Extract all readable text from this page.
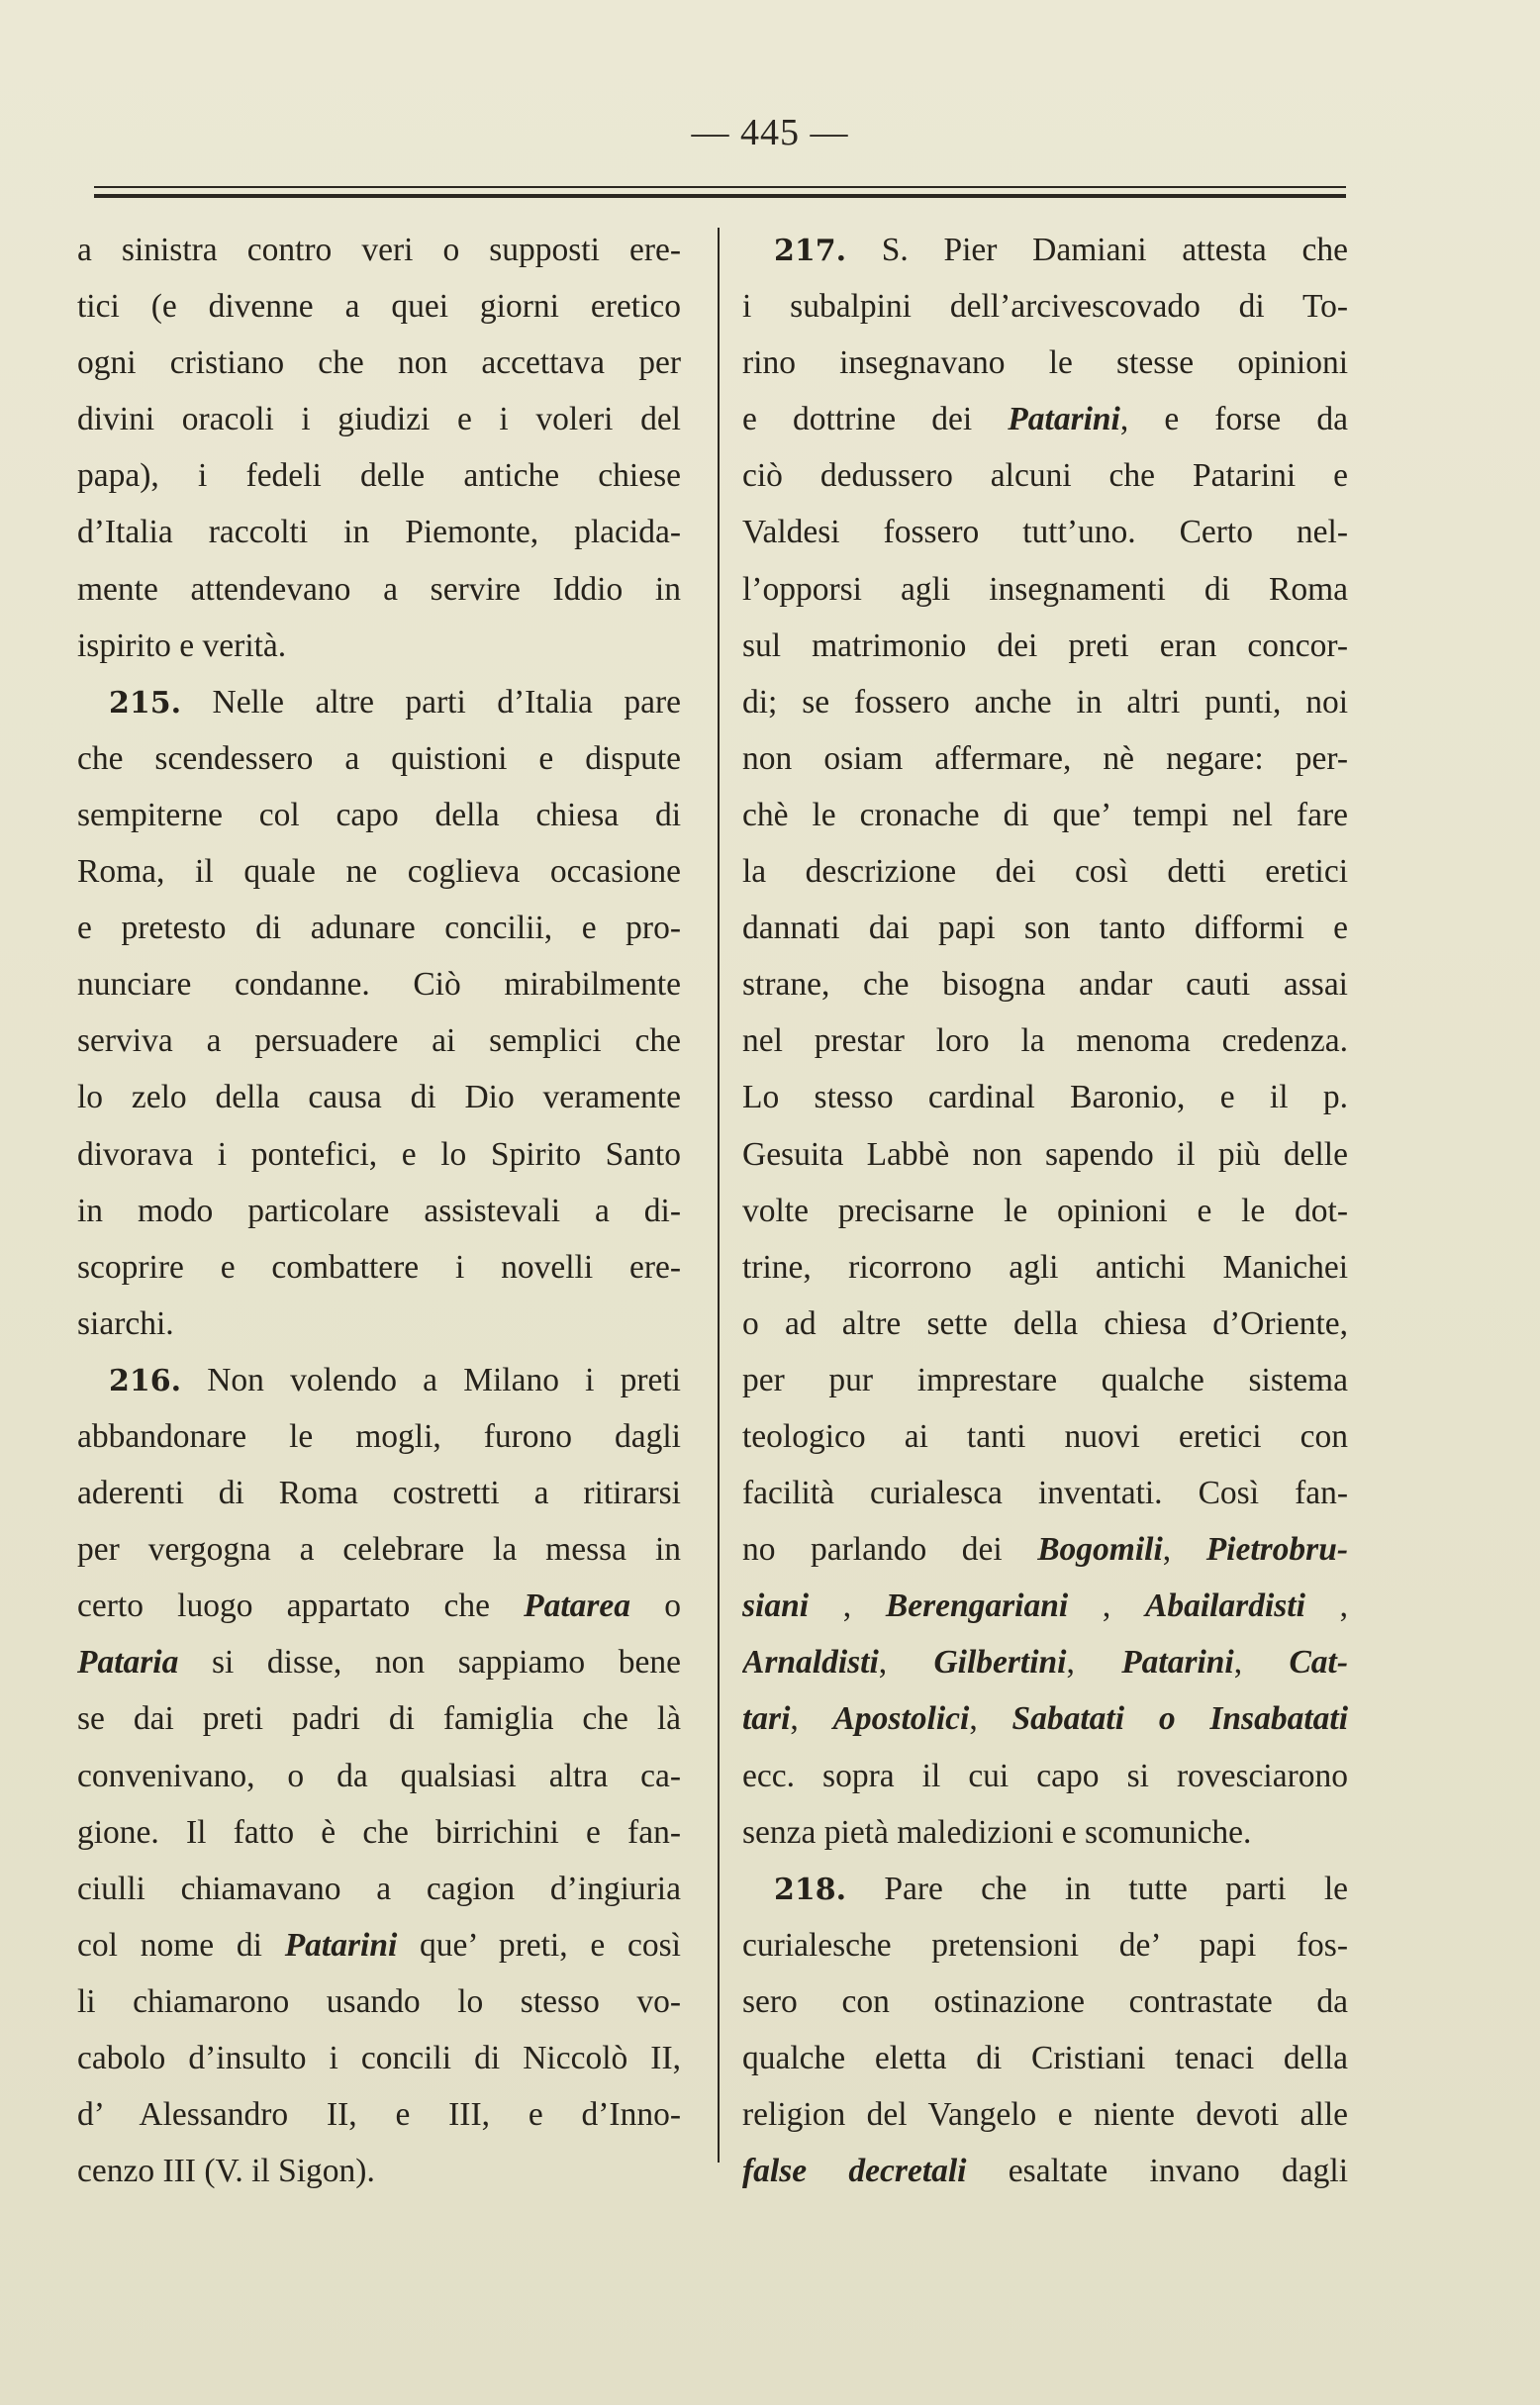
— 445 —
a sinistra contro veri o supposti ere-
tici (e divenne a quei giorni eretico
ogni cristiano che non accettava per
divini oracoli i giudizi e i voleri del
papa), i fedeli delle antiche chiese
d’Italia raccolti in Piemonte, placida-
mente attendevano a servire Iddio in
ispirito e verità.
215. Nelle altre parti d’Italia pare
che scendessero a quistioni e dispute
sempiterne col capo della chiesa di
Roma, il quale ne coglieva occasione
e pretesto di adunare concilii, e pro-
nunciare condanne. Ciò mirabilmente
serviva a persuadere ai semplici che
lo zelo della causa di Dio veramente
divorava i pontefici, e lo Spirito Santo
in modo particolare assistevali a di-
scoprire e combattere i novelli ere-
siarchi.
216. Non volendo a Milano i preti
abbandonare le mogli, furono dagli
aderenti di Roma costretti a ritirarsi
per vergogna a celebrare la messa in
certo luogo appartato che Patarea o
Pataria si disse, non sappiamo bene
se dai preti padri di famiglia che là
convenivano, o da qualsiasi altra ca-
gione. Il fatto è che birrichini e fan-
ciulli chiamavano a cagion d’ingiuria
col nome di Patarini que’ preti, e così
li chiamarono usando lo stesso vo-
cabolo d’insulto i concili di Niccolò II,
d’ Alessandro II, e III, e d’Inno-
cenzo III (V. il Sigon).
217. S. Pier Damiani attesta che
i subalpini dell’arcivescovado di To-
rino insegnavano le stesse opinioni
e dottrine dei Patarini, e forse da
ciò dedussero alcuni che Patarini e
Valdesi fossero tutt’uno. Certo nel-
l’opporsi agli insegnamenti di Roma
sul matrimonio dei preti eran concor-
di; se fossero anche in altri punti, noi
non osiam affermare, nè negare: per-
chè le cronache di que’ tempi nel fare
la descrizione dei così detti eretici
dannati dai papi son tanto difformi e
strane, che bisogna andar cauti assai
nel prestar loro la menoma credenza.
Lo stesso cardinal Baronio, e il p.
Gesuita Labbè non sapendo il più delle
volte precisarne le opinioni e le dot-
trine, ricorrono agli antichi Manichei
o ad altre sette della chiesa d’Oriente,
per pur imprestare qualche sistema
teologico ai tanti nuovi eretici con
facilità curialesca inventati. Così fan-
no parlando dei Bogomili, Pietrobru-
siani , Berengariani , Abailardisti ,
Arnaldisti, Gilbertini, Patarini, Cat-
tari, Apostolici, Sabatati o Insabatati
ecc. sopra il cui capo si rovesciarono
senza pietà maledizioni e scomuniche.
218. Pare che in tutte parti le
curialesche pretensioni de’ papi fos-
sero con ostinazione contrastate da
qualche eletta di Cristiani tenaci della
religion del Vangelo e niente devoti alle
false decretali esaltate invano dagli
